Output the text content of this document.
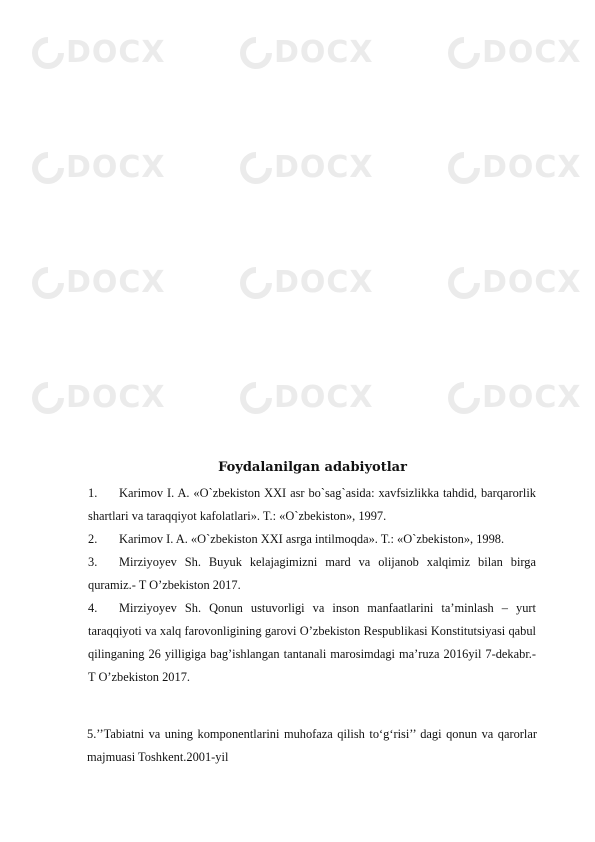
DOCX	DOCX	DOCX
DOCX	DOCX	DOCX
DOCX	DOCX	DOCX
DOCX	DOCX	DOCX
Foydalanilgan adabiyotlar

1. Karimov I. A. «O`zbekiston XXI asr bo`sag`asida: xavfsizlikka tahdid, barqarorlik shartlari va taraqqiyot kafolatlari». T.: «O`zbekiston», 1997.

2. Karimov I. A. «O`zbekiston XXI asrga intilmoqda». T.: «O`zbekiston», 1998.

3. Mirziyoyev Sh. Buyuk kelajagimizni mard va olijanob xalqimiz bilan birga quramiz.- T O’zbekiston 2017.

4. Mirziyoyev Sh. Qonun ustuvorligi va inson manfaatlarini ta’minlash – yurt taraqqiyoti va xalq farovonligining garovi O’zbekiston Respublikasi Konstitutsiyasi qabul qilinganing 26 yilligiga bag’ishlangan tantanali marosimdagi ma’ruza 2016yil 7-dekabr.- T O’zbekiston 2017.

5.’’Tabiatni va uning komponentlarini muhofaza qilish to‘g‘risi’’ dagi qonun va qarorlar majmuasi Toshkent.2001-yil
